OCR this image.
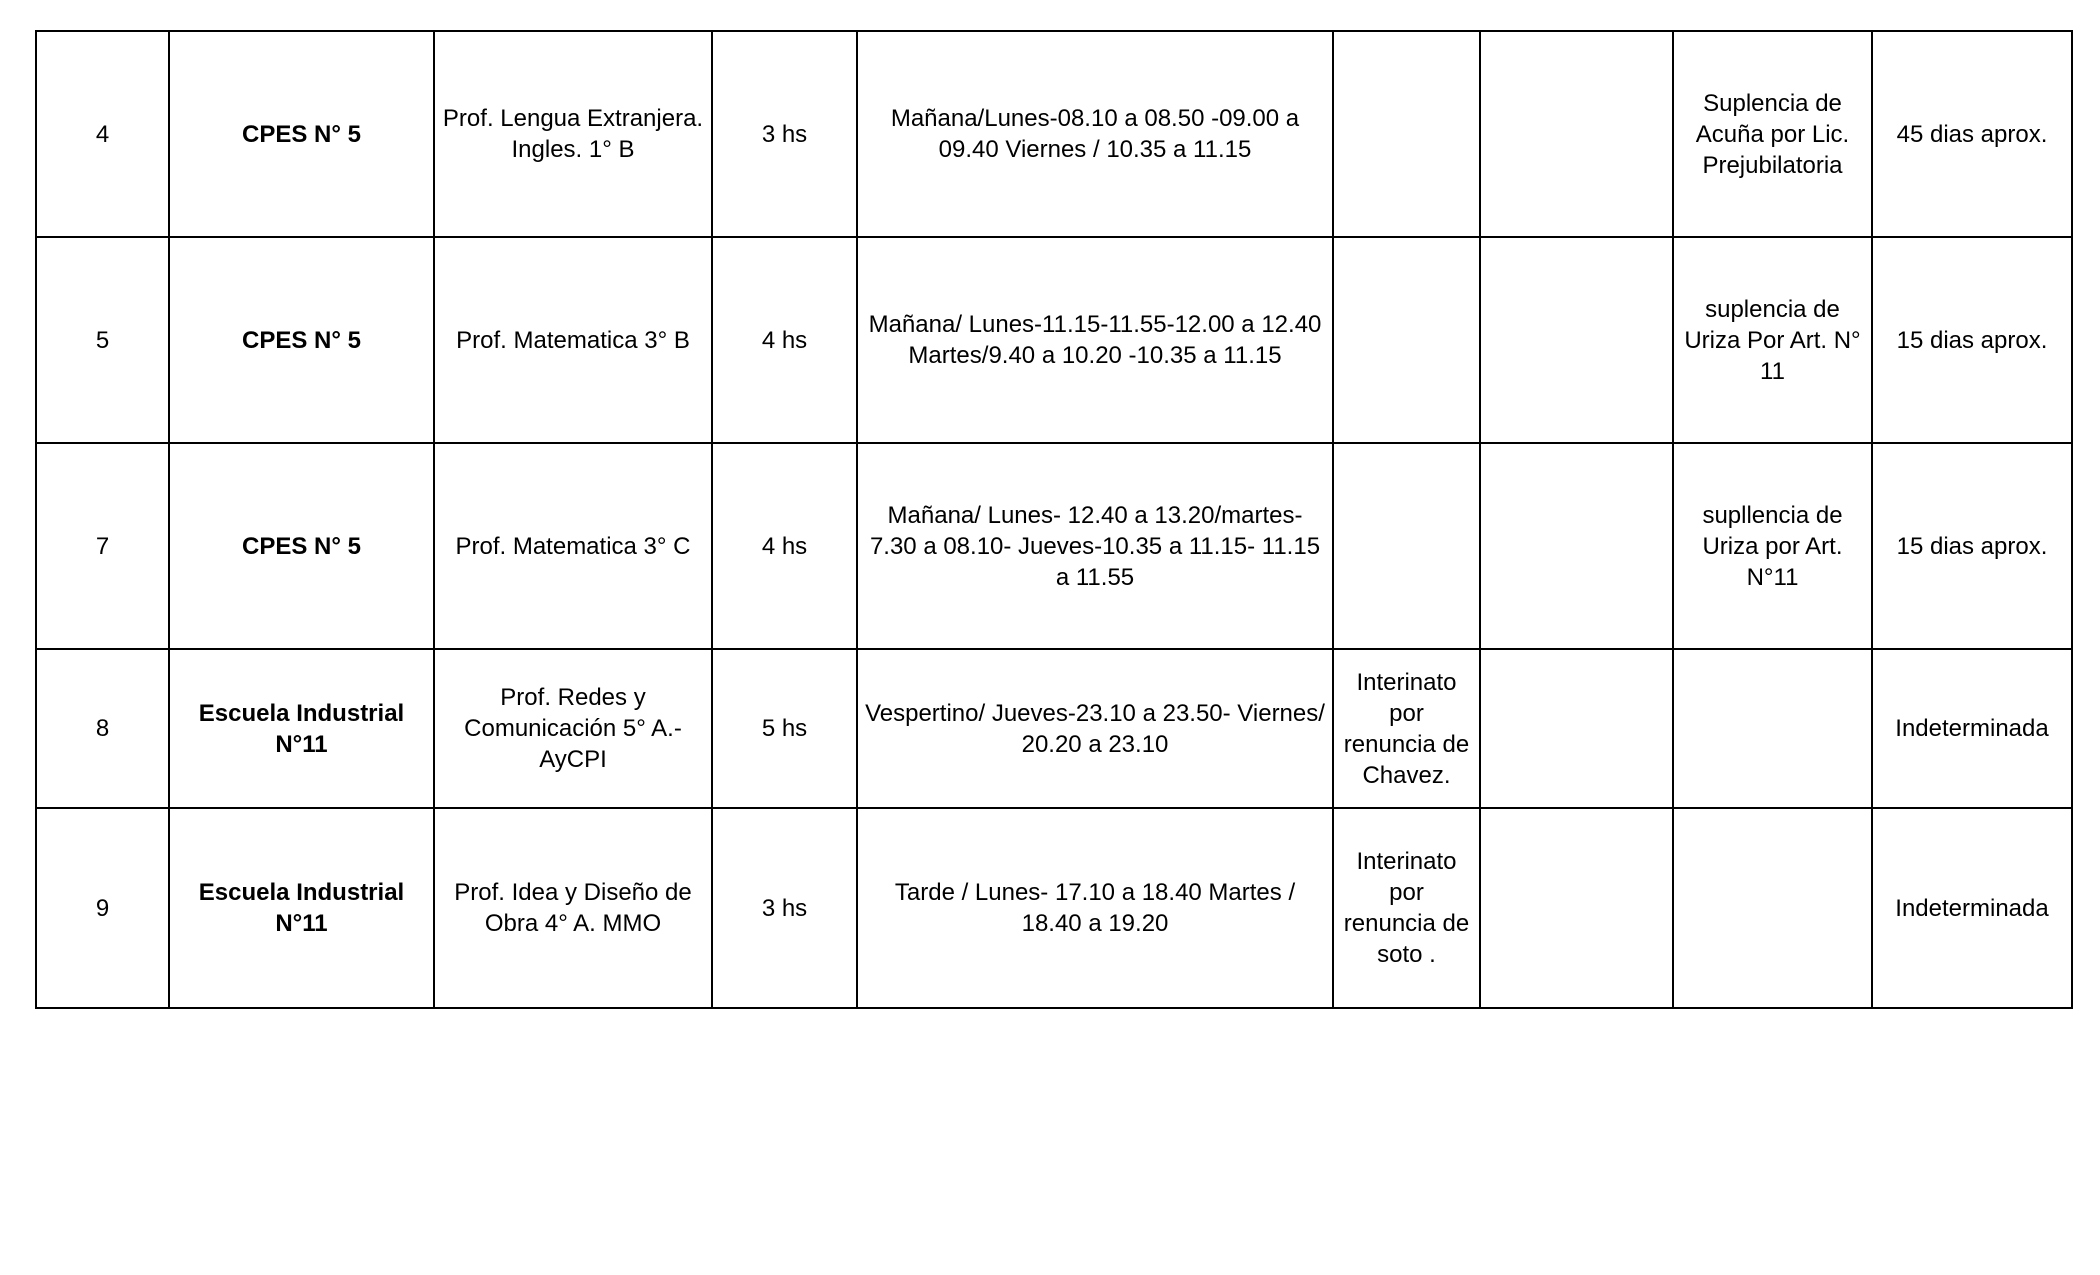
4	CPES N° 5	Prof. Lengua Extranjera. Ingles. 1° B	3 hs	Mañana/Lunes-08.10 a 08.50 -09.00 a 09.40 Viernes / 10.35 a 11.15			Suplencia de Acuña por Lic. Prejubilatoria	45 dias aprox.
5	CPES N° 5	Prof. Matematica 3° B	4 hs	Mañana/ Lunes-11.15-11.55-12.00 a 12.40 Martes/9.40 a 10.20 -10.35 a 11.15			suplencia de Uriza Por Art. N° 11	15 dias aprox.
7	CPES N° 5	Prof. Matematica 3° C	4 hs	Mañana/ Lunes- 12.40 a 13.20/martes- 7.30 a 08.10- Jueves-10.35 a 11.15- 11.15 a 11.55			supllencia de Uriza por Art. N°11	15 dias aprox.
8	Escuela Industrial N°11	Prof. Redes y Comunicación 5° A.- AyCPI	5 hs	Vespertino/ Jueves-23.10 a 23.50- Viernes/ 20.20 a 23.10	Interinato por renuncia de Chavez.			Indeterminada
9	Escuela Industrial N°11	Prof. Idea y Diseño de Obra 4° A. MMO	3 hs	Tarde / Lunes- 17.10 a 18.40 Martes / 18.40 a 19.20	Interinato por renuncia de soto .			Indeterminada
